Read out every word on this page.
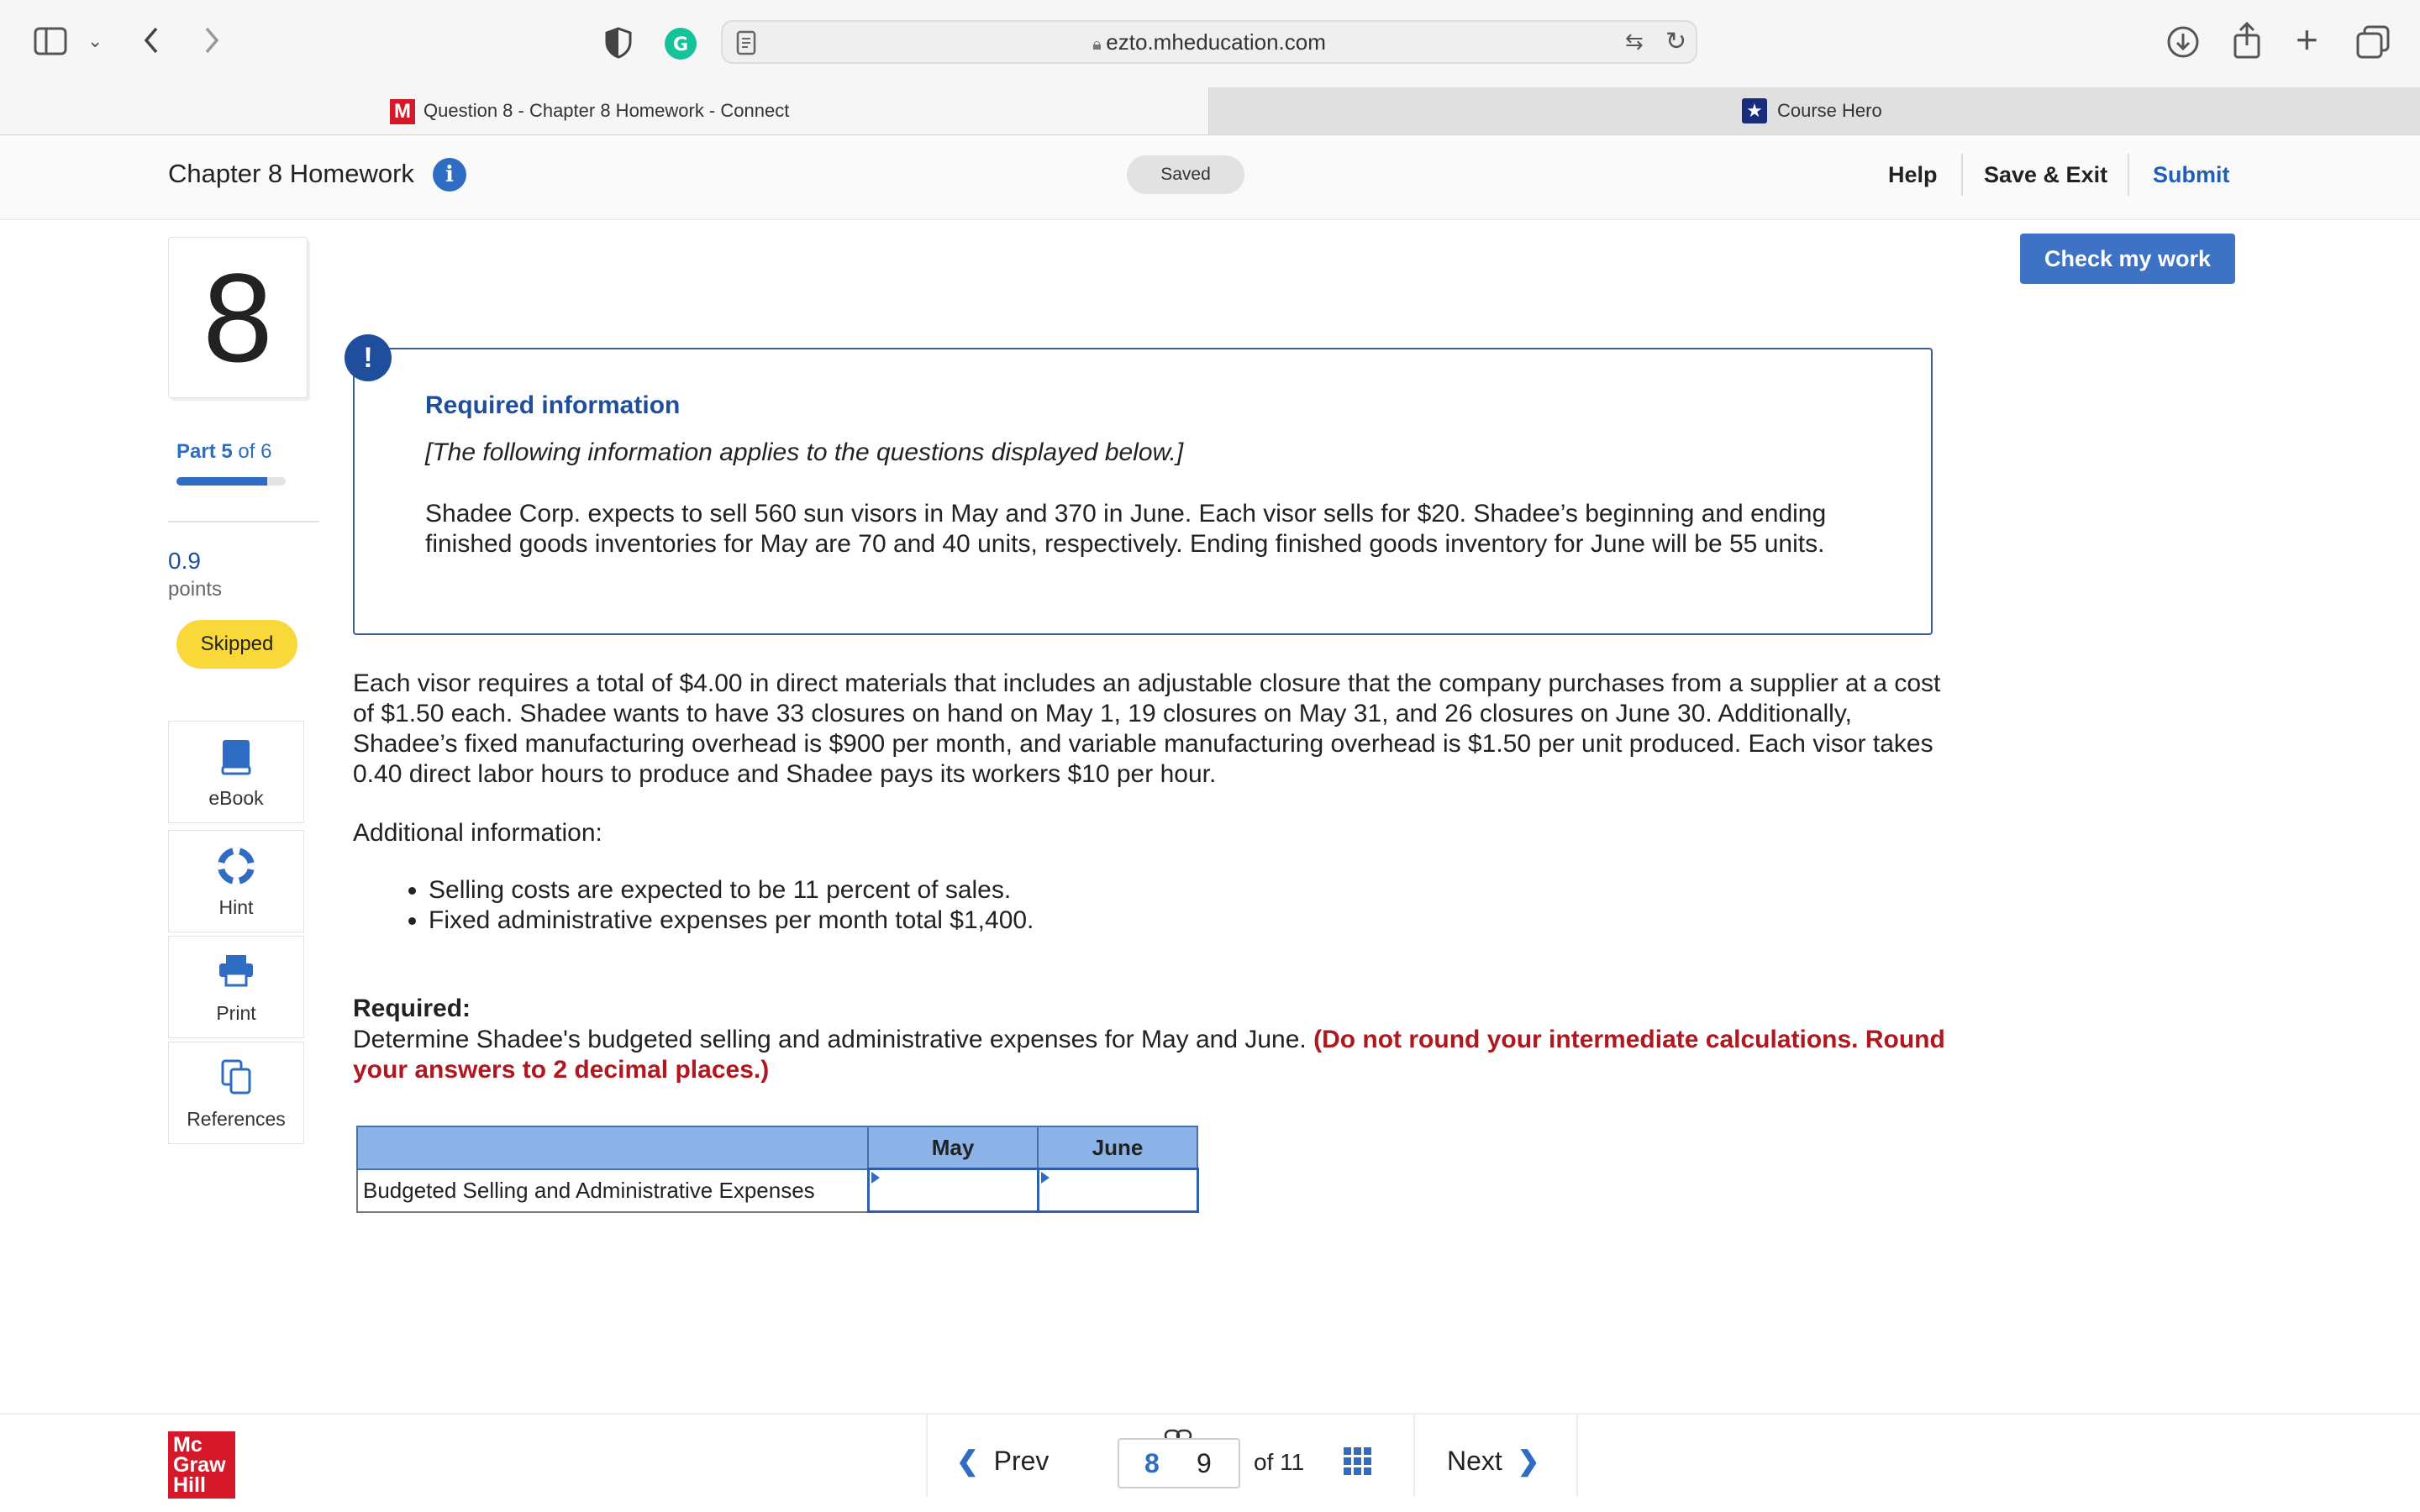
⌄	G	🔒︎ ezto.mheducation.com	⇆ ↻	+
M Question 8 - Chapter 8 Homework - Connect	★ Course Hero
Chapter 8 Homework	i	Saved	Help Save & Exit Submit
8
Part 5 of 6
0.9
points
Skipped
eBook
Hint
Print
References
Check my work
!
Required information
[The following information applies to the questions displayed below.]
Shadee Corp. expects to sell 560 sun visors in May and 370 in June. Each visor sells for $20. Shadee’s beginning and ending finished goods inventories for May are 70 and 40 units, respectively. Ending finished goods inventory for June will be 55 units.
Each visor requires a total of $4.00 in direct materials that includes an adjustable closure that the company purchases from a supplier at a cost of $1.50 each. Shadee wants to have 33 closures on hand on May 1, 19 closures on May 31, and 26 closures on June 30. Additionally, Shadee’s fixed manufacturing overhead is $900 per month, and variable manufacturing overhead is $1.50 per unit produced. Each visor takes 0.40 direct labor hours to produce and Shadee pays its workers $10 per hour.
Additional information:
• Selling costs are expected to be 11 percent of sales.
• Fixed administrative expenses per month total $1,400.
Required:
Determine Shadee's budgeted selling and administrative expenses for May and June. (Do not round your intermediate calculations. Round your answers to 2 decimal places.)
	May	June
Budgeted Selling and Administrative Expenses	

Mc
Graw
Hill
❮ Prev	8 9 of 11	Next ❯
